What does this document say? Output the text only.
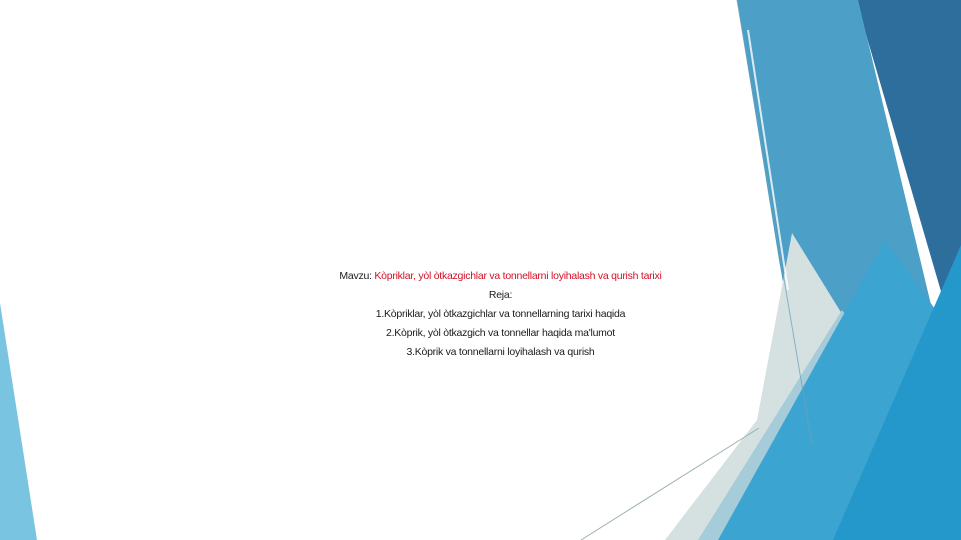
Mavzu: Kòpriklar, yòl òtkazgichlar va tonnellarni loyihalash va qurish tarixi
Reja:
1.Kòpriklar, yòl òtkazgichlar va tonnellarning tarixi haqida
2.Kòprik, yòl òtkazgich va tonnellar haqida ma'lumot
3.Kòprik va tonnellarni loyihalash va qurish
